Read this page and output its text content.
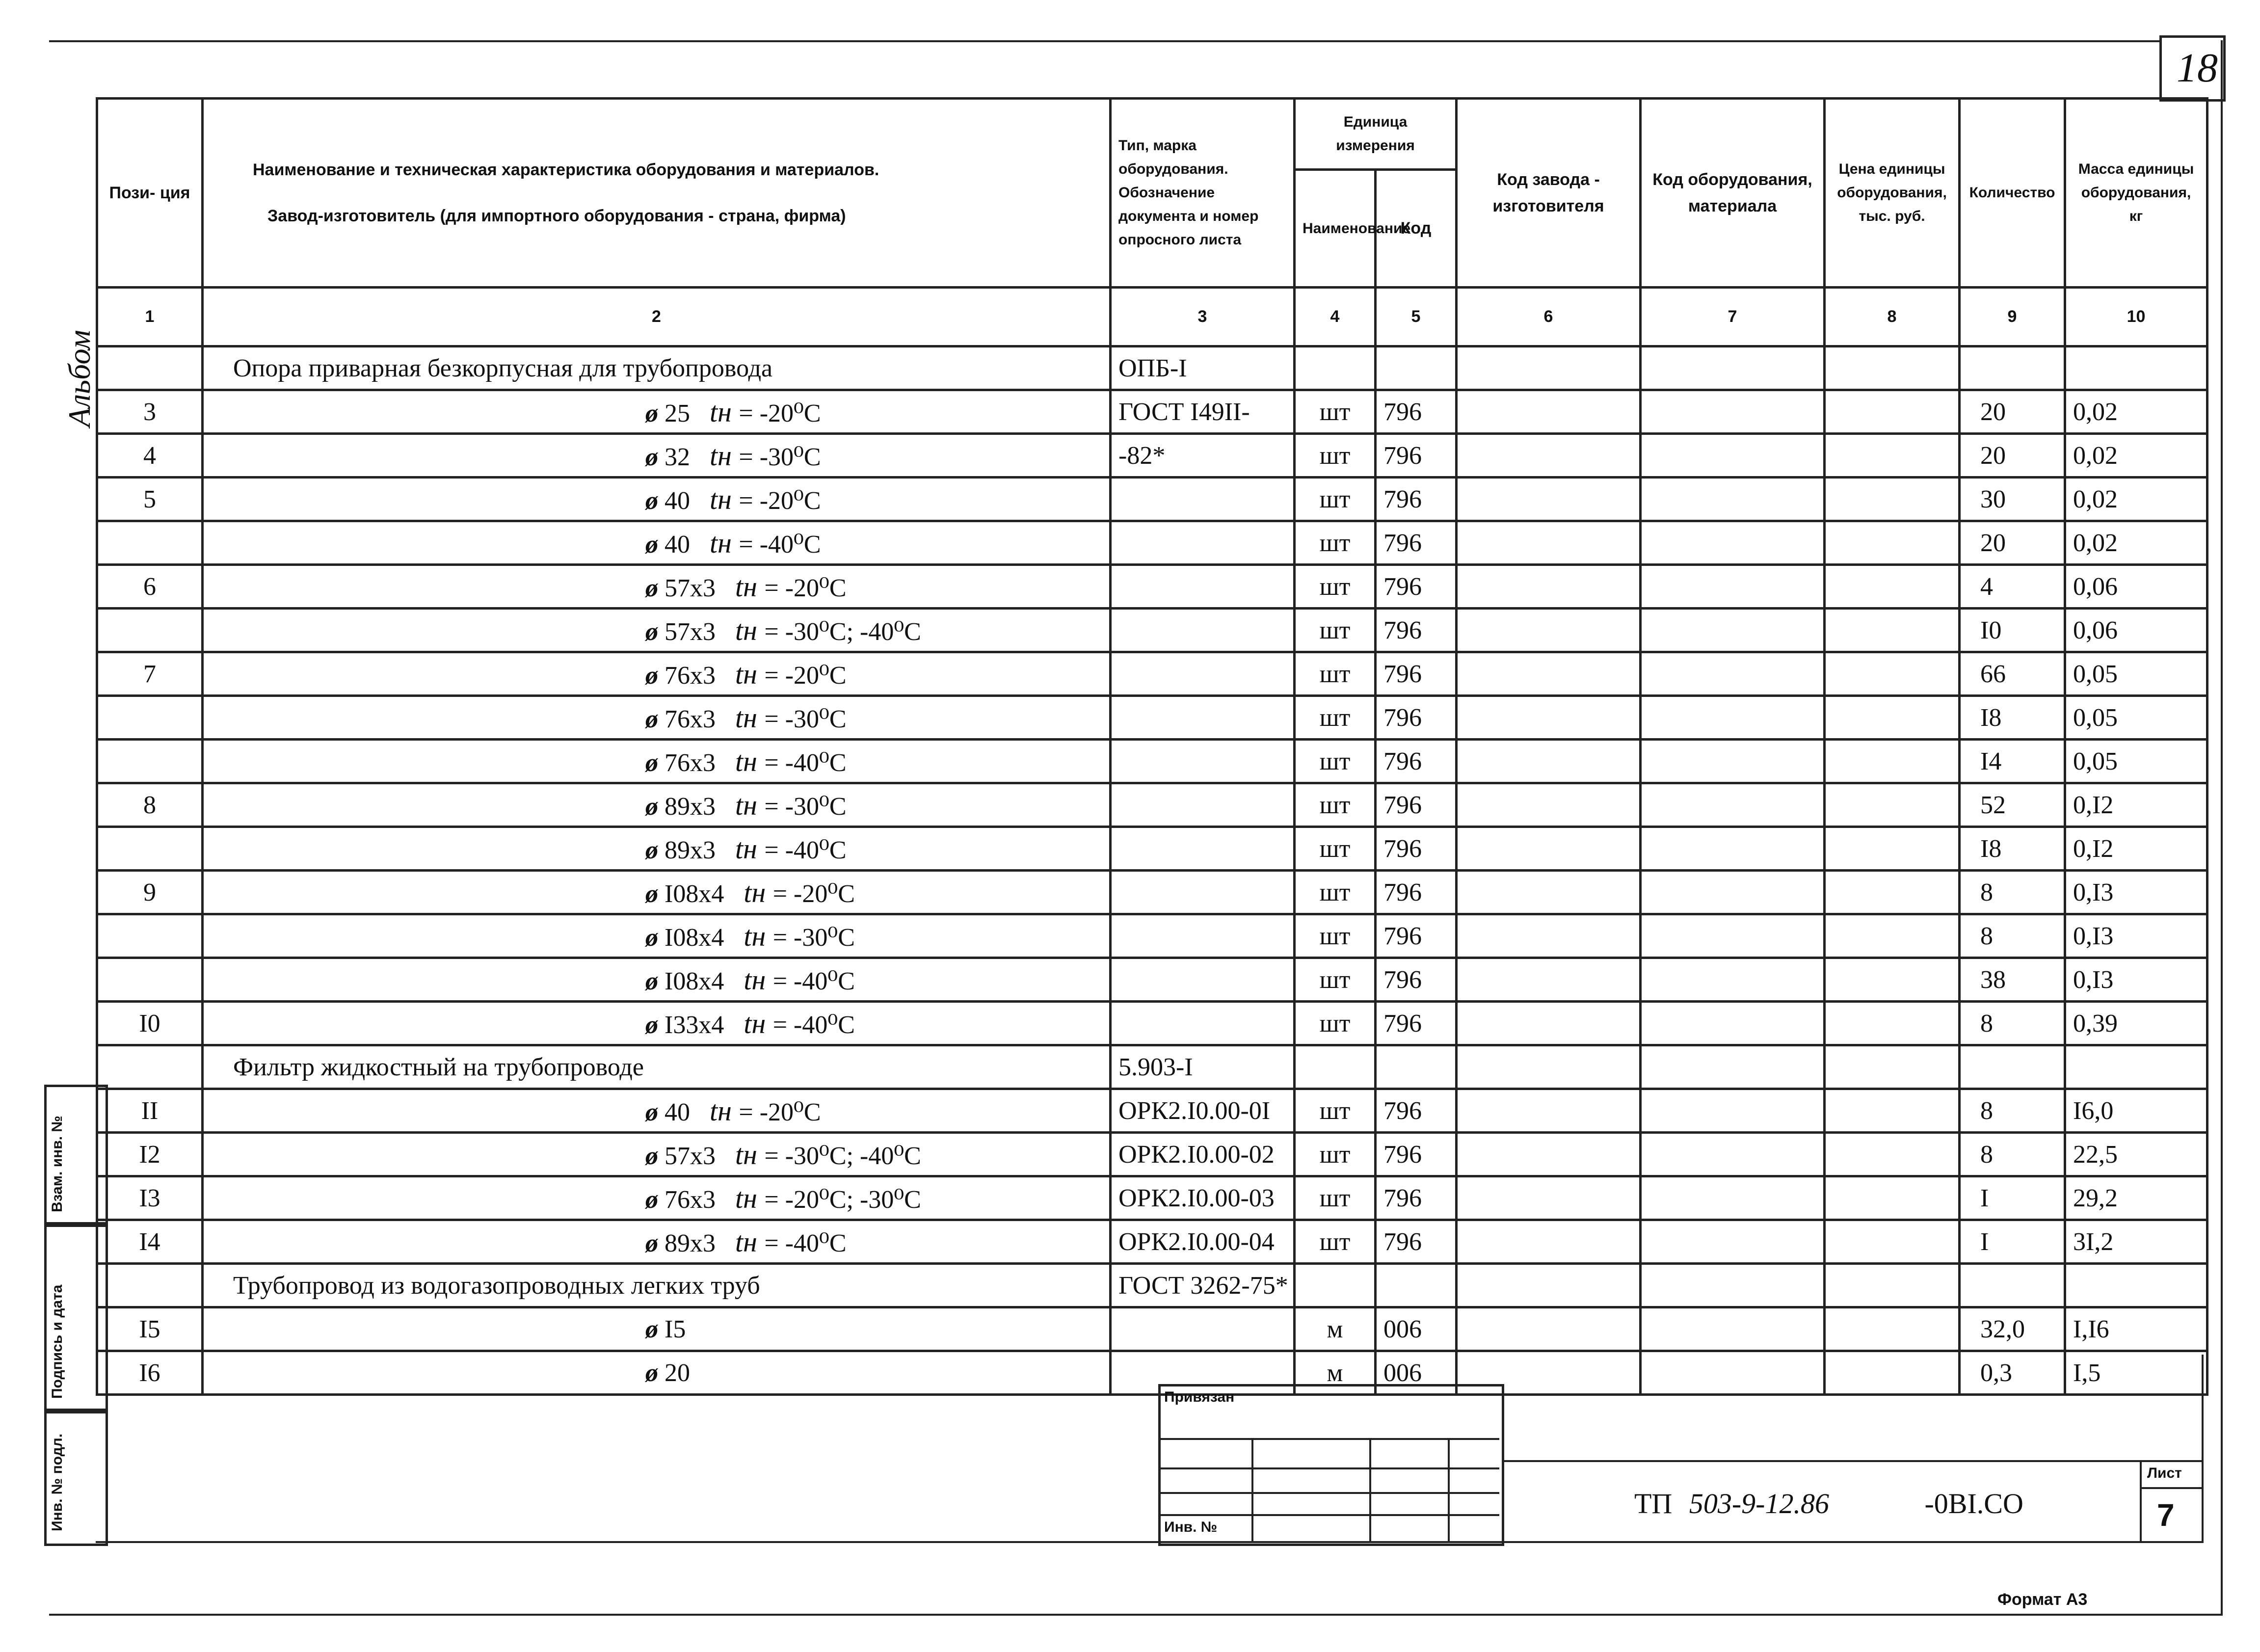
18
Альбом
Пози- ция	Наименование и техническая характеристика оборудования и материалов.
Завод-изготовитель (для импортного оборудования - страна, фирма)	Тип, марка оборудования. Обозначение документа и номер опросного листа	Единица измерения		Код завода - изготовителя	Код оборудования, материала	Цена единицы оборудования, тыс. руб.	Количество	Масса единицы оборудования, кг
			Наименование	Код					
1	2	3	4	5	6	7	8	9	10
	Опора приварная безкорпусная для трубопровода	ОПБ-I							
3	ø 25 tн = -20⁰C	ГОСТ I49II-	шт	796				20	0,02
4	ø 32 tн = -30⁰C	-82*	шт	796				20	0,02
5	ø 40 tн = -20⁰C		шт	796				30	0,02
	ø 40 tн = -40⁰C		шт	796				20	0,02
6	ø 57x3 tн = -20⁰C		шт	796				4	0,06
	ø 57x3 tн = -30⁰C; -40⁰C		шт	796				I0	0,06
7	ø 76x3 tн = -20⁰C		шт	796				66	0,05
	ø 76x3 tн = -30⁰C		шт	796				I8	0,05
	ø 76x3 tн = -40⁰C		шт	796				I4	0,05
8	ø 89x3 tн = -30⁰C		шт	796				52	0,I2
	ø 89x3 tн = -40⁰C		шт	796				I8	0,I2
9	ø I08x4 tн = -20⁰C		шт	796				8	0,I3
	ø I08x4 tн = -30⁰C		шт	796				8	0,I3
	ø I08x4 tн = -40⁰C		шт	796				38	0,I3
I0	ø I33x4 tн = -40⁰C		шт	796				8	0,39
	Фильтр жидкостный на трубопроводе	5.903-I							
II	ø 40 tн = -20⁰C	ОРК2.I0.00-0I	шт	796				8	I6,0
I2	ø 57x3 tн = -30⁰C; -40⁰C	ОРК2.I0.00-02	шт	796				8	22,5
I3	ø 76x3 tн = -20⁰C; -30⁰C	ОРК2.I0.00-03	шт	796				I	29,2
I4	ø 89x3 tн = -40⁰C	ОРК2.I0.00-04	шт	796				I	3I,2
	Трубопровод из водогазопроводных легких труб	ГОСТ 3262-75*							
I5	ø I5		м	006				32,0	I,I6
I6	ø 20		м	006				0,3	I,5
Взам. инв. №
Подпись и дата
Инв. № подл.
Привязан
Инв. №
ТП 503-9-12.86	-0BI.CO
Лист
7
Формат А3
